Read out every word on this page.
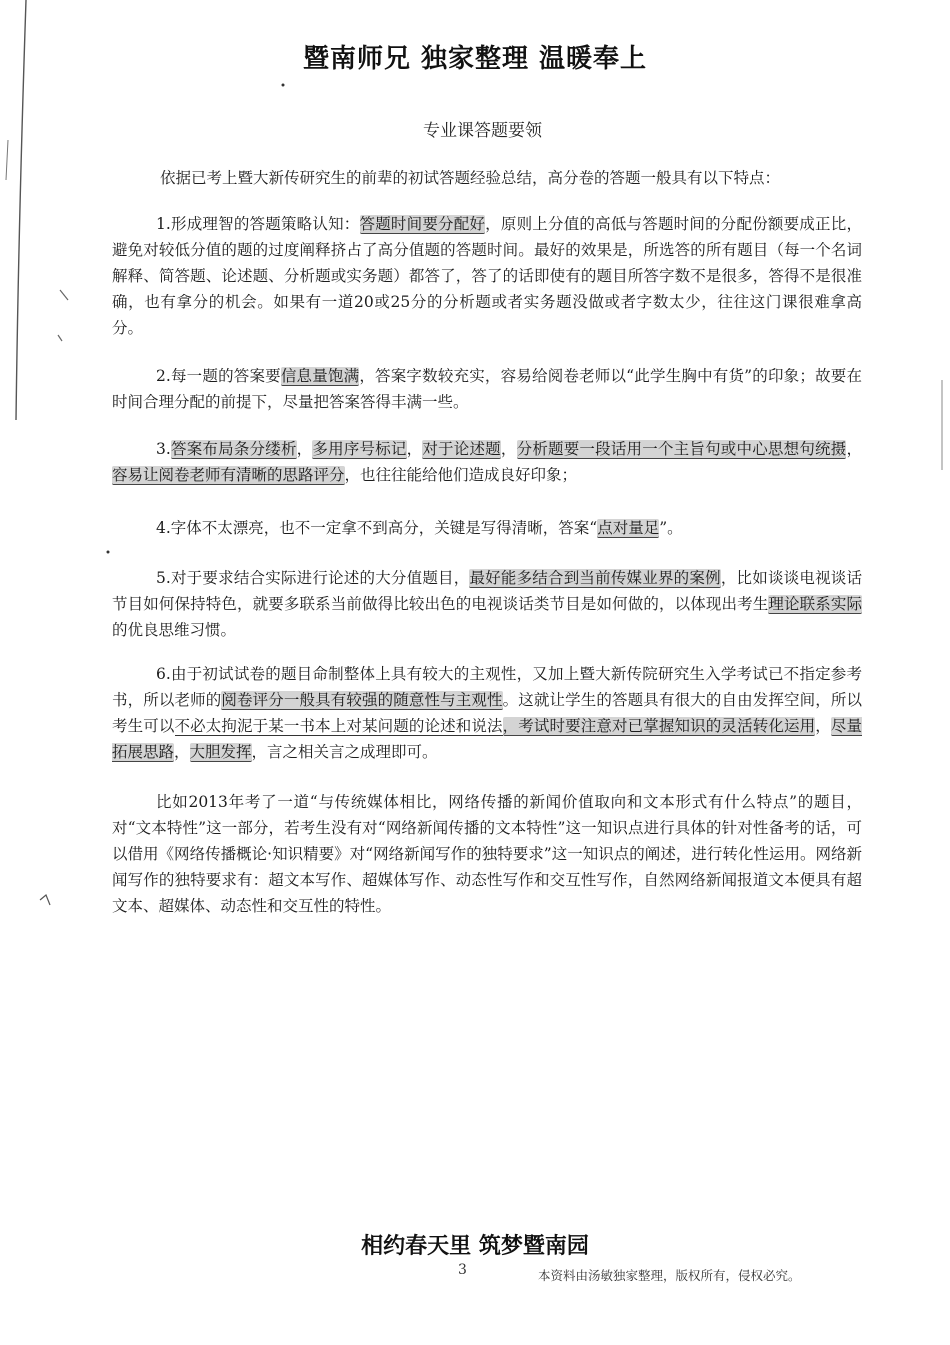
暨南师兄 独家整理 温暖奉上
专业课答题要领
依据已考上暨大新传研究生的前辈的初试答题经验总结，高分卷的答题一般具有以下特点：
1.形成理智的答题策略认知：答题时间要分配好，原则上分值的高低与答题时间的分配份额要成正比，避免对较低分值的题的过度阐释挤占了高分值题的答题时间。最好的效果是，所选答的所有题目（每一个名词解释、简答题、论述题、分析题或实务题）都答了，答了的话即使有的题目所答字数不是很多，答得不是很准确，也有拿分的机会。如果有一道20或25分的分析题或者实务题没做或者字数太少，往往这门课很难拿高分。
2.每一题的答案要信息量饱满，答案字数较充实，容易给阅卷老师以“此学生胸中有货”的印象；故要在时间合理分配的前提下，尽量把答案答得丰满一些。
3.答案布局条分缕析，多用序号标记，对于论述题，分析题要一段话用一个主旨句或中心思想句统摄，容易让阅卷老师有清晰的思路评分，也往往能给他们造成良好印象；
4.字体不太漂亮，也不一定拿不到高分，关键是写得清晰，答案“点对量足”。
5.对于要求结合实际进行论述的大分值题目，最好能多结合到当前传媒业界的案例，比如谈谈电视谈话节目如何保持特色，就要多联系当前做得比较出色的电视谈话类节目是如何做的，以体现出考生理论联系实际的优良思维习惯。
6.由于初试试卷的题目命制整体上具有较大的主观性，又加上暨大新传院研究生入学考试已不指定参考书，所以老师的阅卷评分一般具有较强的随意性与主观性。这就让学生的答题具有很大的自由发挥空间，所以考生可以不必太拘泥于某一书本上对某问题的论述和说法，考试时要注意对已掌握知识的灵活转化运用，尽量拓展思路，大胆发挥，言之相关言之成理即可。
比如2013年考了一道“与传统媒体相比，网络传播的新闻价值取向和文本形式有什么特点”的题目，对“文本特性”这一部分，若考生没有对“网络新闻传播的文本特性”这一知识点进行具体的针对性备考的话，可以借用《网络传播概论·知识精要》对“网络新闻写作的独特要求”这一知识点的阐述，进行转化性运用。网络新闻写作的独特要求有：超文本写作、超媒体写作、动态性写作和交互性写作，自然网络新闻报道文本便具有超文本、超媒体、动态性和交互性的特性。
相约春天里 筑梦暨南园
3	本资料由汤敏独家整理，版权所有，侵权必究。
